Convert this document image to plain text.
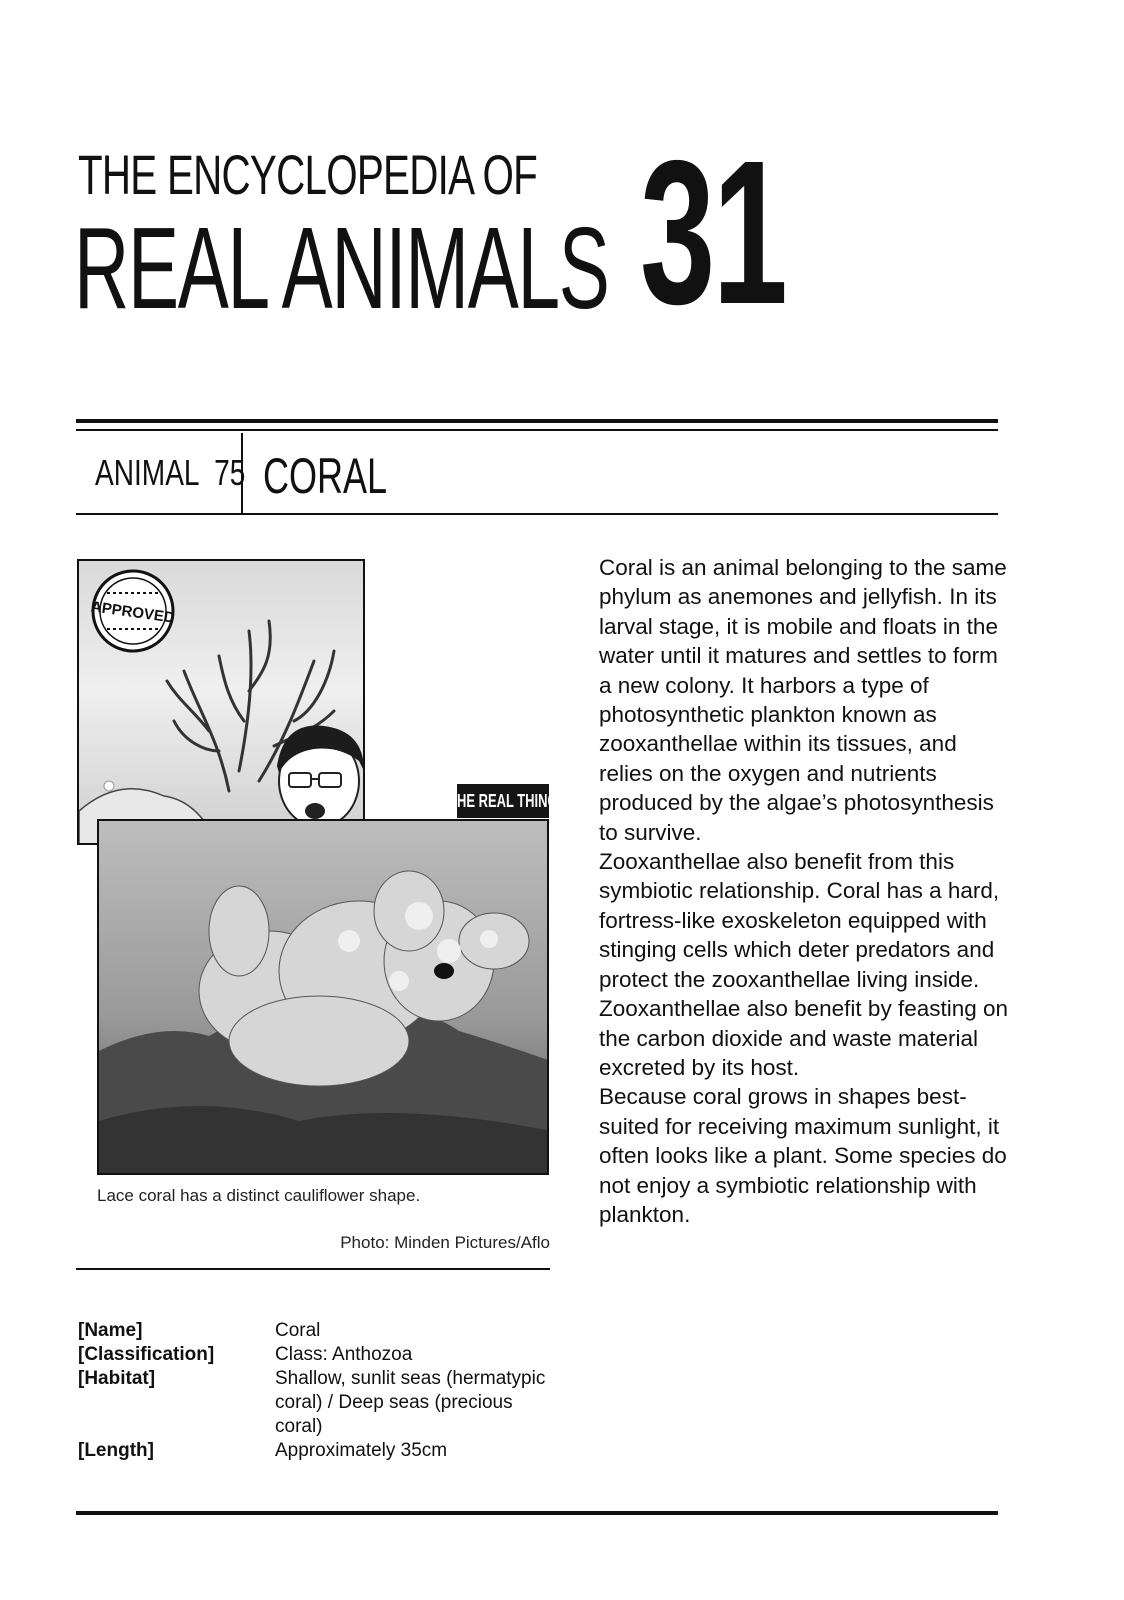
THE ENCYCLOPEDIA OF
REAL ANIMALS 31
ANIMAL  75 CORAL
APPROVED
THE REAL THING
Lace coral has a distinct cauliflower shape.
Photo: Minden Pictures/Aflo

Coral is an animal belonging to the same phylum as anemones and jellyfish. In its larval stage, it is mobile and floats in the water until it matures and settles to form a new colony. It harbors a type of photosynthetic plankton known as zooxanthellae within its tissues, and relies on the oxygen and nutrients produced by the algae’s photosynthesis to survive.

Zooxanthellae also benefit from this symbiotic relationship. Coral has a hard, fortress-like exoskeleton equipped with stinging cells which deter predators and protect the zooxanthellae living inside. Zooxanthellae also benefit by feasting on the carbon dioxide and waste material excreted by its host.

Because coral grows in shapes best-suited for receiving maximum sunlight, it often looks like a plant. Some species do not enjoy a symbiotic relationship with plankton.

[Name]	Coral
[Classification]	Class: Anthozoa
[Habitat]	Shallow, sunlit seas (hermatypic coral) / Deep seas (precious coral)
[Length]	Approximately 35cm
